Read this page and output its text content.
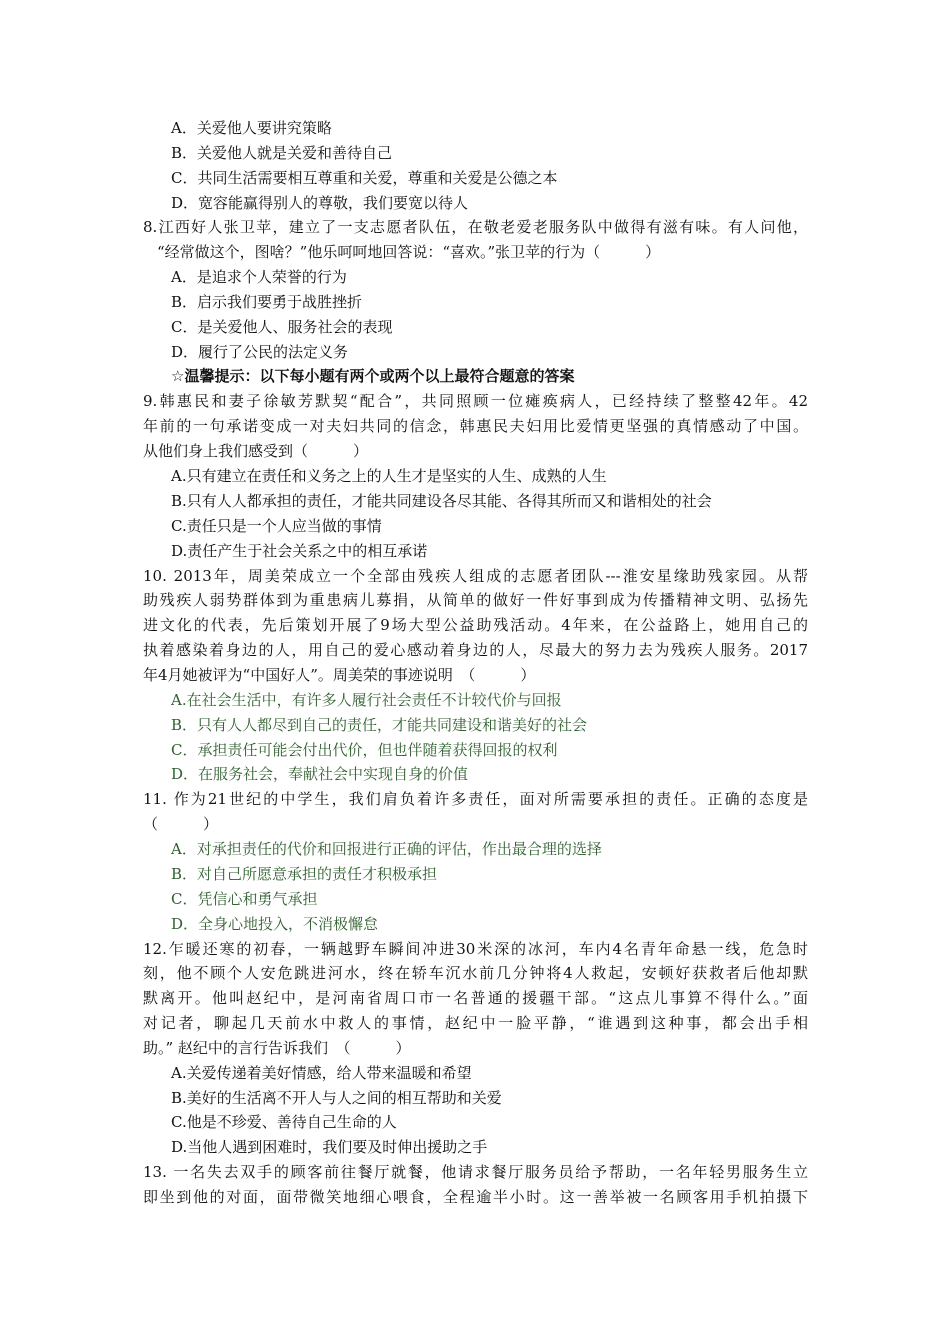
A．关爱他人要讲究策略
B．关爱他人就是关爱和善待自己
C．共同生活需要相互尊重和关爱，尊重和关爱是公德之本
D．宽容能赢得别人的尊敬，我们要宽以待人
8.江西好人张卫苹，建立了一支志愿者队伍，在敬老爱老服务队中做得有滋有味。有人问他，
“经常做这个，图啥？”他乐呵呵地回答说：“喜欢。”张卫苹的行为（　　　）
A．是追求个人荣誉的行为
B．启示我们要勇于战胜挫折
C．是关爱他人、服务社会的表现
D．履行了公民的法定义务
☆温馨提示：以下每小题有两个或两个以上最符合题意的答案
9.韩惠民和妻子徐敏芳默契“配合”，共同照顾一位瘫痪病人，已经持续了整整42年。42
年前的一句承诺变成一对夫妇共同的信念，韩惠民夫妇用比爱情更坚强的真情感动了中国。
从他们身上我们感受到（　　　）
A.只有建立在责任和义务之上的人生才是坚实的人生、成熟的人生
B.只有人人都承担的责任，才能共同建设各尽其能、各得其所而又和谐相处的社会
C.责任只是一个人应当做的事情
D.责任产生于社会关系之中的相互承诺
10. 2013年，周美荣成立一个全部由残疾人组成的志愿者团队---淮安星缘助残家园。从帮
助残疾人弱势群体到为重患病儿募捐，从简单的做好一件好事到成为传播精神文明、弘扬先
进文化的代表，先后策划开展了9场大型公益助残活动。4年来，在公益路上，她用自己的
执着感染着身边的人，用自己的爱心感动着身边的人，尽最大的努力去为残疾人服务。2017
年4月她被评为“中国好人”。周美荣的事迹说明　（　　　）
A.在社会生活中，有许多人履行社会责任不计较代价与回报
B．只有人人都尽到自己的责任，才能共同建设和谐美好的社会
C．承担责任可能会付出代价，但也伴随着获得回报的权利
D．在服务社会，奉献社会中实现自身的价值
11. 作为21世纪的中学生，我们肩负着许多责任，面对所需要承担的责任。正确的态度是
（　　　）
A．对承担责任的代价和回报进行正确的评估，作出最合理的选择
B．对自己所愿意承担的责任才积极承担
C．凭信心和勇气承担
D．全身心地投入，不消极懈怠
12.乍暖还寒的初春，一辆越野车瞬间冲进30米深的冰河，车内4名青年命悬一线，危急时
刻，他不顾个人安危跳进河水，终在轿车沉水前几分钟将4人救起，安顿好获救者后他却默
默离开。他叫赵纪中，是河南省周口市一名普通的援疆干部。“这点儿事算不得什么。”面
对记者，聊起几天前水中救人的事情，赵纪中一脸平静，“谁遇到这种事，都会出手相
助。” 赵纪中的言行告诉我们　（　　　）
A.关爱传递着美好情感，给人带来温暖和希望
B.美好的生活离不开人与人之间的相互帮助和关爱
C.他是不珍爱、善待自己生命的人
D.当他人遇到困难时，我们要及时伸出援助之手
13. 一名失去双手的顾客前往餐厅就餐，他请求餐厅服务员给予帮助，一名年轻男服务生立
即坐到他的对面，面带微笑地细心喂食，全程逾半小时。这一善举被一名顾客用手机拍摄下
